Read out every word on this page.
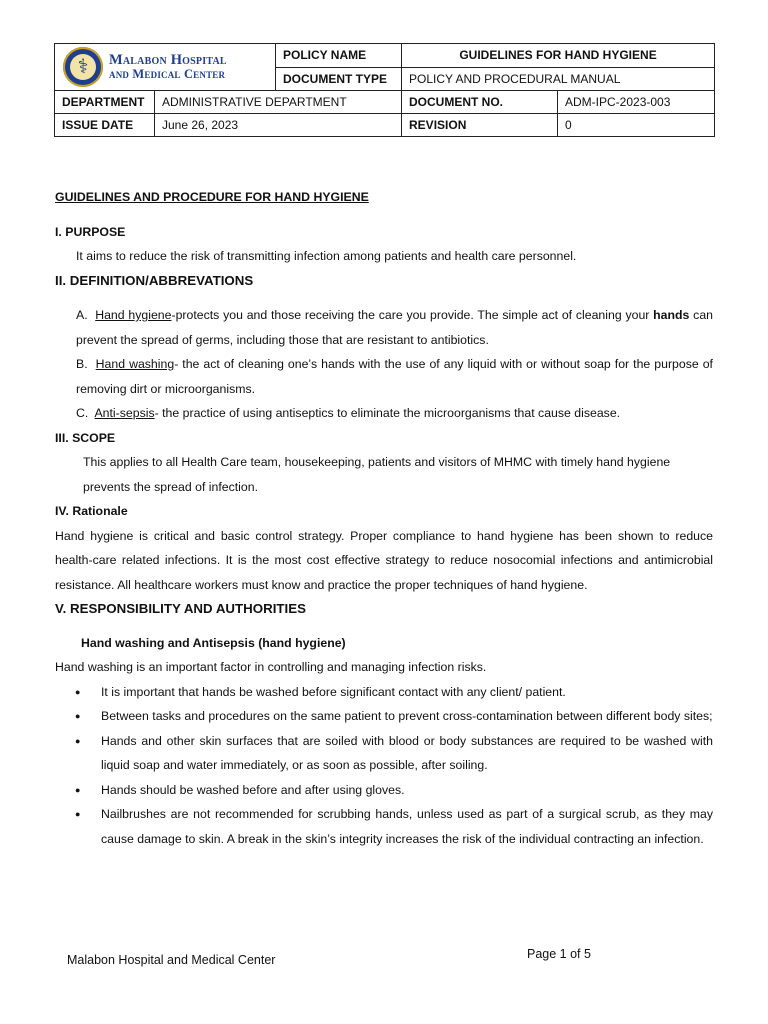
⚕
Malabon Hospital
and Medical Center		POLICY NAME	GUIDELINES FOR HAND HYGIENE	
		DOCUMENT TYPE	POLICY AND PROCEDURAL MANUAL	
DEPARTMENT	ADMINISTRATIVE DEPARTMENT		DOCUMENT NO.	ADM-IPC-2023-003
ISSUE DATE	June 26, 2023		REVISION	0

GUIDELINES AND PROCEDURE FOR HAND HYGIENE

I. PURPOSE

It aims to reduce the risk of transmitting infection among patients and health care personnel.

II. DEFINITION/ABBREVATIONS

A. Hand hygiene-protects you and those receiving the care you provide. The simple act of cleaning your hands can prevent the spread of germs, including those that are resistant to antibiotics.

B. Hand washing- the act of cleaning one’s hands with the use of any liquid with or without soap for the purpose of removing dirt or microorganisms.

C. Anti-sepsis- the practice of using antiseptics to eliminate the microorganisms that cause disease.

III. SCOPE

This applies to all Health Care team, housekeeping, patients and visitors of MHMC with timely hand hygiene prevents the spread of infection.

IV. Rationale

Hand hygiene is critical and basic control strategy. Proper compliance to hand hygiene has been shown to reduce health-care related infections. It is the most cost effective strategy to reduce nosocomial infections and antimicrobial resistance. All healthcare workers must know and practice the proper techniques of hand hygiene.

V. RESPONSIBILITY AND AUTHORITIES

Hand washing and Antisepsis (hand hygiene)

Hand washing is an important factor in controlling and managing infection risks.

● It is important that hands be washed before significant contact with any client/ patient.
● Between tasks and procedures on the same patient to prevent cross-contamination between different body sites;
● Hands and other skin surfaces that are soiled with blood or body substances are required to be washed with liquid soap and water immediately, or as soon as possible, after soiling.
● Hands should be washed before and after using gloves.
● Nailbrushes are not recommended for scrubbing hands, unless used as part of a surgical scrub, as they may cause damage to skin. A break in the skin’s integrity increases the risk of the individual contracting an infection.
Malabon Hospital and Medical Center	Page 1 of 5
